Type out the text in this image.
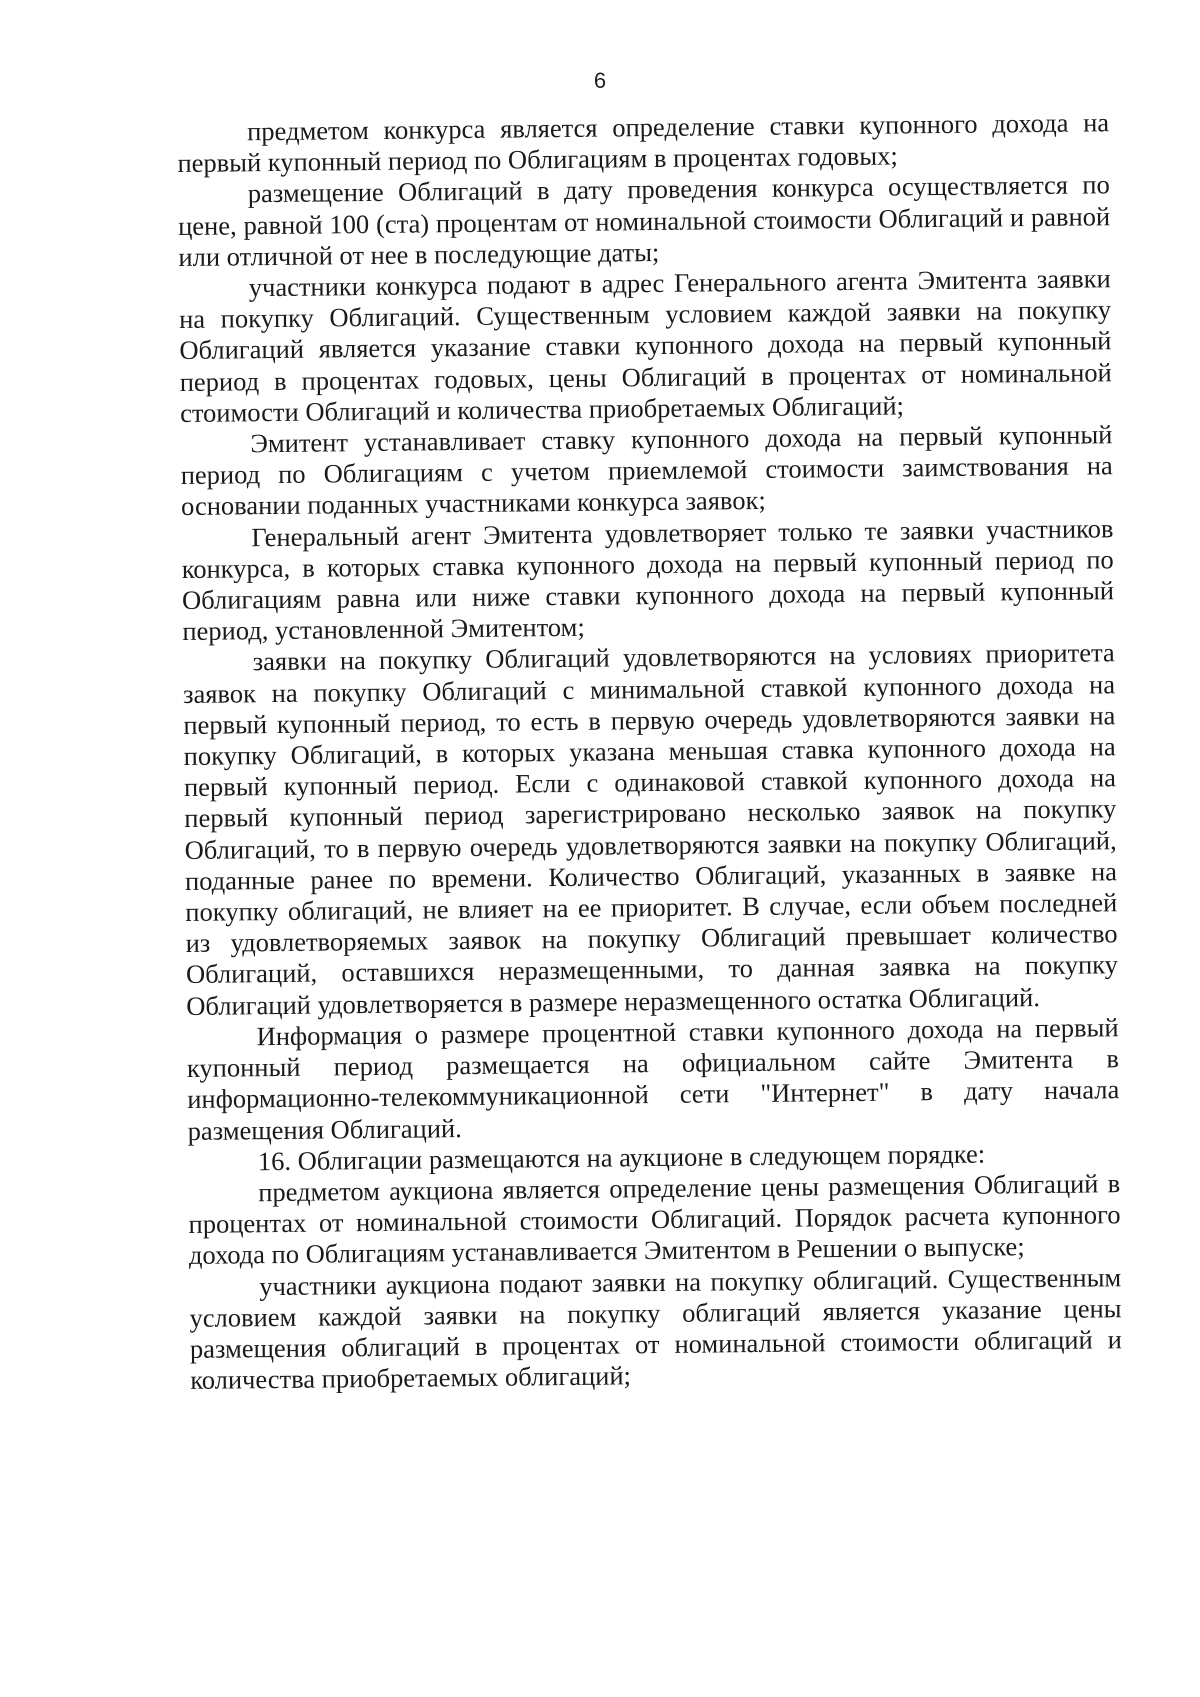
6

предметом конкурса является определение ставки купонного дохода на первый купонный период по Облигациям в процентах годовых;

размещение Облигаций в дату проведения конкурса осуществляется по цене, равной 100 (ста) процентам от номинальной стоимости Облигаций и равной или отличной от нее в последующие даты;

участники конкурса подают в адрес Генерального агента Эмитента заявки на покупку Облигаций. Существенным условием каждой заявки на покупку Облигаций является указание ставки купонного дохода на первый купонный период в процентах годовых, цены Облигаций в процентах от номинальной стоимости Облигаций и количества приобретаемых Облигаций;

Эмитент устанавливает ставку купонного дохода на первый купонный период по Облигациям с учетом приемлемой стоимости заимствования на основании поданных участниками конкурса заявок;

Генеральный агент Эмитента удовлетворяет только те заявки участников конкурса, в которых ставка купонного дохода на первый купонный период по Облигациям равна или ниже ставки купонного дохода на первый купонный период, установленной Эмитентом;

заявки на покупку Облигаций удовлетворяются на условиях приоритета заявок на покупку Облигаций с минимальной ставкой купонного дохода на первый купонный период, то есть в первую очередь удовлетворяются заявки на покупку Облигаций, в которых указана меньшая ставка купонного дохода на первый купонный период. Если с одинаковой ставкой купонного дохода на первый купонный период зарегистрировано несколько заявок на покупку Облигаций, то в первую очередь удовлетворяются заявки на покупку Облигаций, поданные ранее по времени. Количество Облигаций, указанных в заявке на покупку облигаций, не влияет на ее приоритет. В случае, если объем последней из удовлетворяемых заявок на покупку Облигаций превышает количество Облигаций, оставшихся неразмещенными, то данная заявка на покупку Облигаций удовлетворяется в размере неразмещенного остатка Облигаций.

Информация о размере процентной ставки купонного дохода на первый купонный период размещается на официальном сайте Эмитента в информационно-телекоммуникационной сети "Интернет" в дату начала размещения Облигаций.

16. Облигации размещаются на аукционе в следующем порядке:

предметом аукциона является определение цены размещения Облигаций в процентах от номинальной стоимости Облигаций. Порядок расчета купонного дохода по Облигациям устанавливается Эмитентом в Решении о выпуске;

участники аукциона подают заявки на покупку облигаций. Существенным условием каждой заявки на покупку облигаций является указание цены размещения облигаций в процентах от номинальной стоимости облигаций и количества приобретаемых облигаций;
